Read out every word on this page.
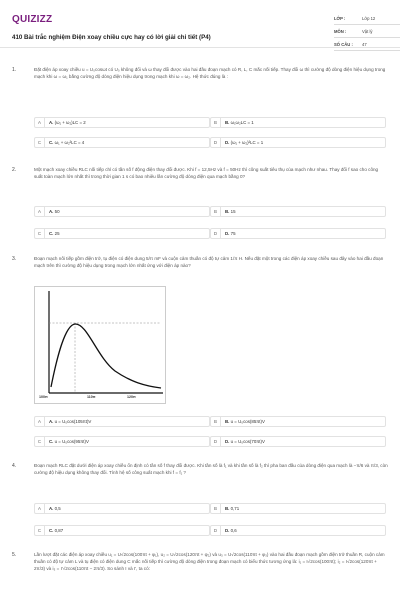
QUIZIZZ
410 Bài trắc nghiệm Điện xoay chiều cực hay có lời giải chi tiết (P4)
LỚP :	Lớp 12
MÔN :	Vật lý
SỐ CÂU :	47
1.	Đặt điện áp xoay chiều u = U₀cosωt có U₀ không đổi và ω thay đổi được vào hai đầu đoạn mạch có R, L, C mắc nối tiếp. Thay đổi ω thì cường độ dòng điện hiệu dụng trong mạch khi ω = ω₁ bằng cường độ dòng điện hiệu dụng trong mạch khi ω = ω₂. Hệ thức đúng là :
A	A. (ω₁ + ω₂)LC = 2	B	B. ω₁ω₂LC = 1
C	C. ω₁ + ω₂²LC = 4	D	D. (ω₁ + ω₂)²LC = 1
2.	Một mạch xoay chiều RLC nối tiếp chỉ có tần số f động điện thay đổi được. Khi f = 12,5Hz và f = 50Hz thì công suất tiêu thụ của mạch như nhau. Thay đổi f sao cho công suất toàn mạch lớn nhất thì trong thời gian 1 s có bao nhiêu lần cường độ dòng điện qua mạch bằng 0?
A	A. 50	B	B. 15
C	C. 25	D	D. 75
3.	Đoạn mạch nối tiếp gồm điện trở, tụ điện có điện dung 5/π mF và cuộn cảm thuần có độ tự cảm 1/π H. Nếu đặt một trong các điện áp xoay chiều sau đây vào hai đầu đoạn mạch trên thì cường độ hiệu dụng trong mạch lớn nhất ứng với điện áp nào?
100π	110π	120π
A	A. u = U₀cos(105πt)V	B	B. u = U₀cos(85πt)V
C	C. u = U₀cos(95πt)V	D	D. u = U₀cos(70πt)V
4.	Đoạn mạch RLC đặt dưới điện áp xoay chiều ổn định có tần số f thay đổi được. Khi tần số là f₁ và khi tần số là f₂ thì pha ban đầu của dòng điện qua mạch là −π/6 và π/3, còn cường độ hiệu dụng không thay đổi. Tính hệ số công suất mạch khi f = f₁ ?
A	A. 0,5	B	B. 0,71
C	C. 0,87	D	D. 0,6
5.	Lần lượt đặt các điện áp xoay chiều u₁ = U√2cos(100πt + φ₁), u₂ = U√2cos(120πt + φ₂) và u₃ = U√2cos(110πt + φ₃) vào hai đầu đoạn mạch gồm điện trở thuần R, cuộn cảm thuần có độ tự cảm L và tụ điện có điện dung C mắc nối tiếp thì cường độ dòng điện trong đoạn mạch có biểu thức tương ứng là: i₁ = I√2cos(100πt); i₂ = I√2cos(120πt + 2π/3) và i₃ = I'√2cos(110πt − 2π/3). So sánh I và I', ta có:
